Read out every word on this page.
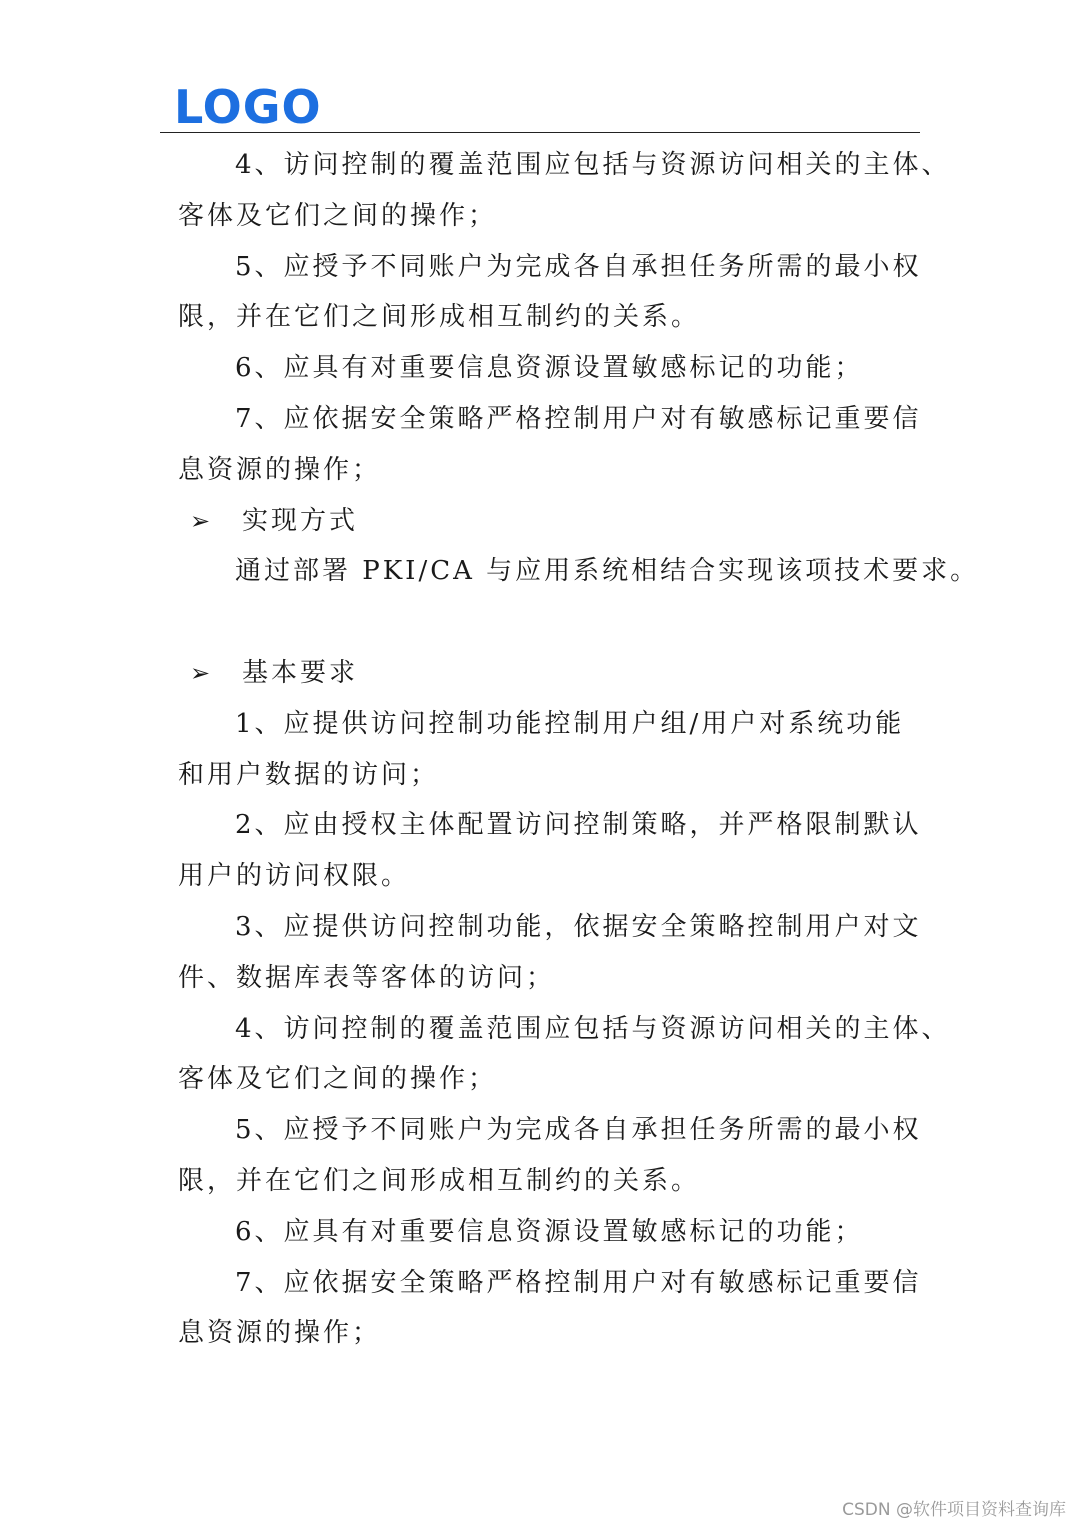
LOGO
4、访问控制的覆盖范围应包括与资源访问相关的主体、
客体及它们之间的操作；
5、应授予不同账户为完成各自承担任务所需的最小权
限，并在它们之间形成相互制约的关系。
6、应具有对重要信息资源设置敏感标记的功能；
7、应依据安全策略严格控制用户对有敏感标记重要信
息资源的操作；
➢ 实现方式
通过部署 PKI/CA 与应用系统相结合实现该项技术要求。
➢ 基本要求
1、应提供访问控制功能控制用户组/用户对系统功能
和用户数据的访问；
2、应由授权主体配置访问控制策略，并严格限制默认
用户的访问权限。
3、应提供访问控制功能，依据安全策略控制用户对文
件、数据库表等客体的访问；
4、访问控制的覆盖范围应包括与资源访问相关的主体、
客体及它们之间的操作；
5、应授予不同账户为完成各自承担任务所需的最小权
限，并在它们之间形成相互制约的关系。
6、应具有对重要信息资源设置敏感标记的功能；
7、应依据安全策略严格控制用户对有敏感标记重要信
息资源的操作；
CSDN @软件项目资料查询库
